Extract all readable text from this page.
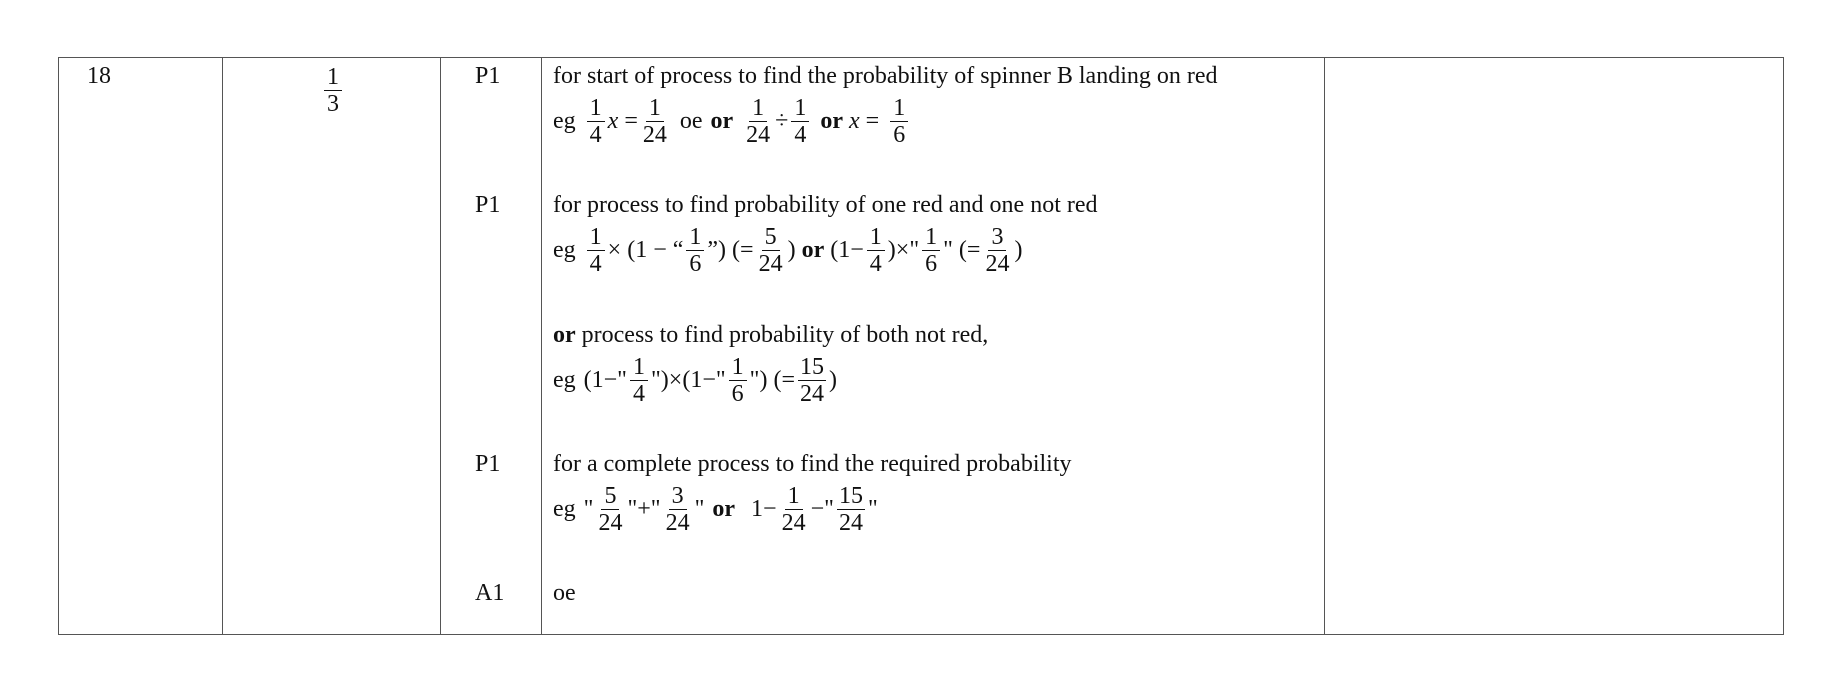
18	$\frac{1}{3}$	P1
P1
P1
A1
for start of process to find the probability of spinner B landing on red
eg $\frac{1}{4}$ x
= $\frac{1}{24}$ oe or $\frac{1}{24} \div \frac{1}{4}$ or
x
= $\frac{1}{6}$
for process to find probability of one red and one not red
eg $\frac{1}{4}$ ×
(1 −
“ $\frac{1}{6}$ ” )
(= $\frac{5}{24}$ )
or
($1- \frac{1}{4}$ ) × " $\frac{1}{6}$ "
(= $\frac{3}{24}$ )
or process to find probability of both not red,
eg (1−" $\frac{1}{4}$ " ) × (1−" $\frac{1}{6}$ " )
(= $\frac{15}{24}$ )
for a complete process to find the required probability
eg " $\frac{5}{24}$ " + " $\frac{3}{24}$ " or $1- \frac{1}{24}$ − " $\frac{15}{24}$ "
oe
